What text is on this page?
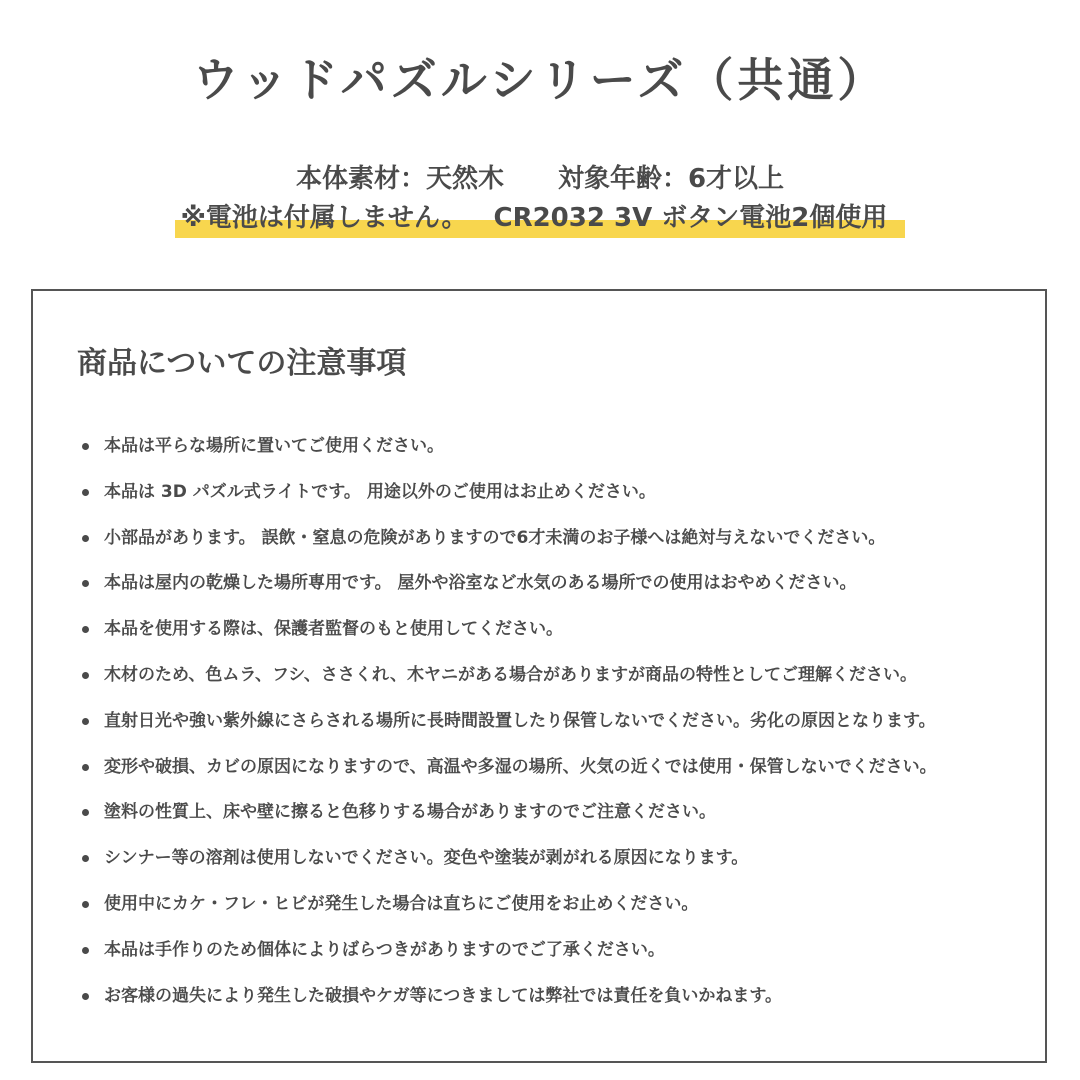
ウッドパズルシリーズ（共通）
本体素材：天然木 対象年齢：6才以上
※電池は付属しません。 CR2032 3V ボタン電池2個使用
商品についての注意事項
本品は平らな場所に置いてご使用ください。
本品は 3D パズル式ライトです。 用途以外のご使用はお止めください。
小部品があります。 誤飲・窒息の危険がありますので6才未満のお子様へは絶対与えないでください。
本品は屋内の乾燥した場所専用です。 屋外や浴室など水気のある場所での使用はおやめください。
本品を使用する際は、保護者監督のもと使用してください。
木材のため、色ムラ、フシ、ささくれ、木ヤニがある場合がありますが商品の特性としてご理解ください。
直射日光や強い紫外線にさらされる場所に長時間設置したり保管しないでください。劣化の原因となります。
変形や破損、カビの原因になりますので、高温や多湿の場所、火気の近くでは使用・保管しないでください。
塗料の性質上、床や壁に擦ると色移りする場合がありますのでご注意ください。
シンナー等の溶剤は使用しないでください。変色や塗装が剥がれる原因になります。
使用中にカケ・フレ・ヒビが発生した場合は直ちにご使用をお止めください。
本品は手作りのため個体によりばらつきがありますのでご了承ください。
お客様の過失により発生した破損やケガ等につきましては弊社では責任を負いかねます。
